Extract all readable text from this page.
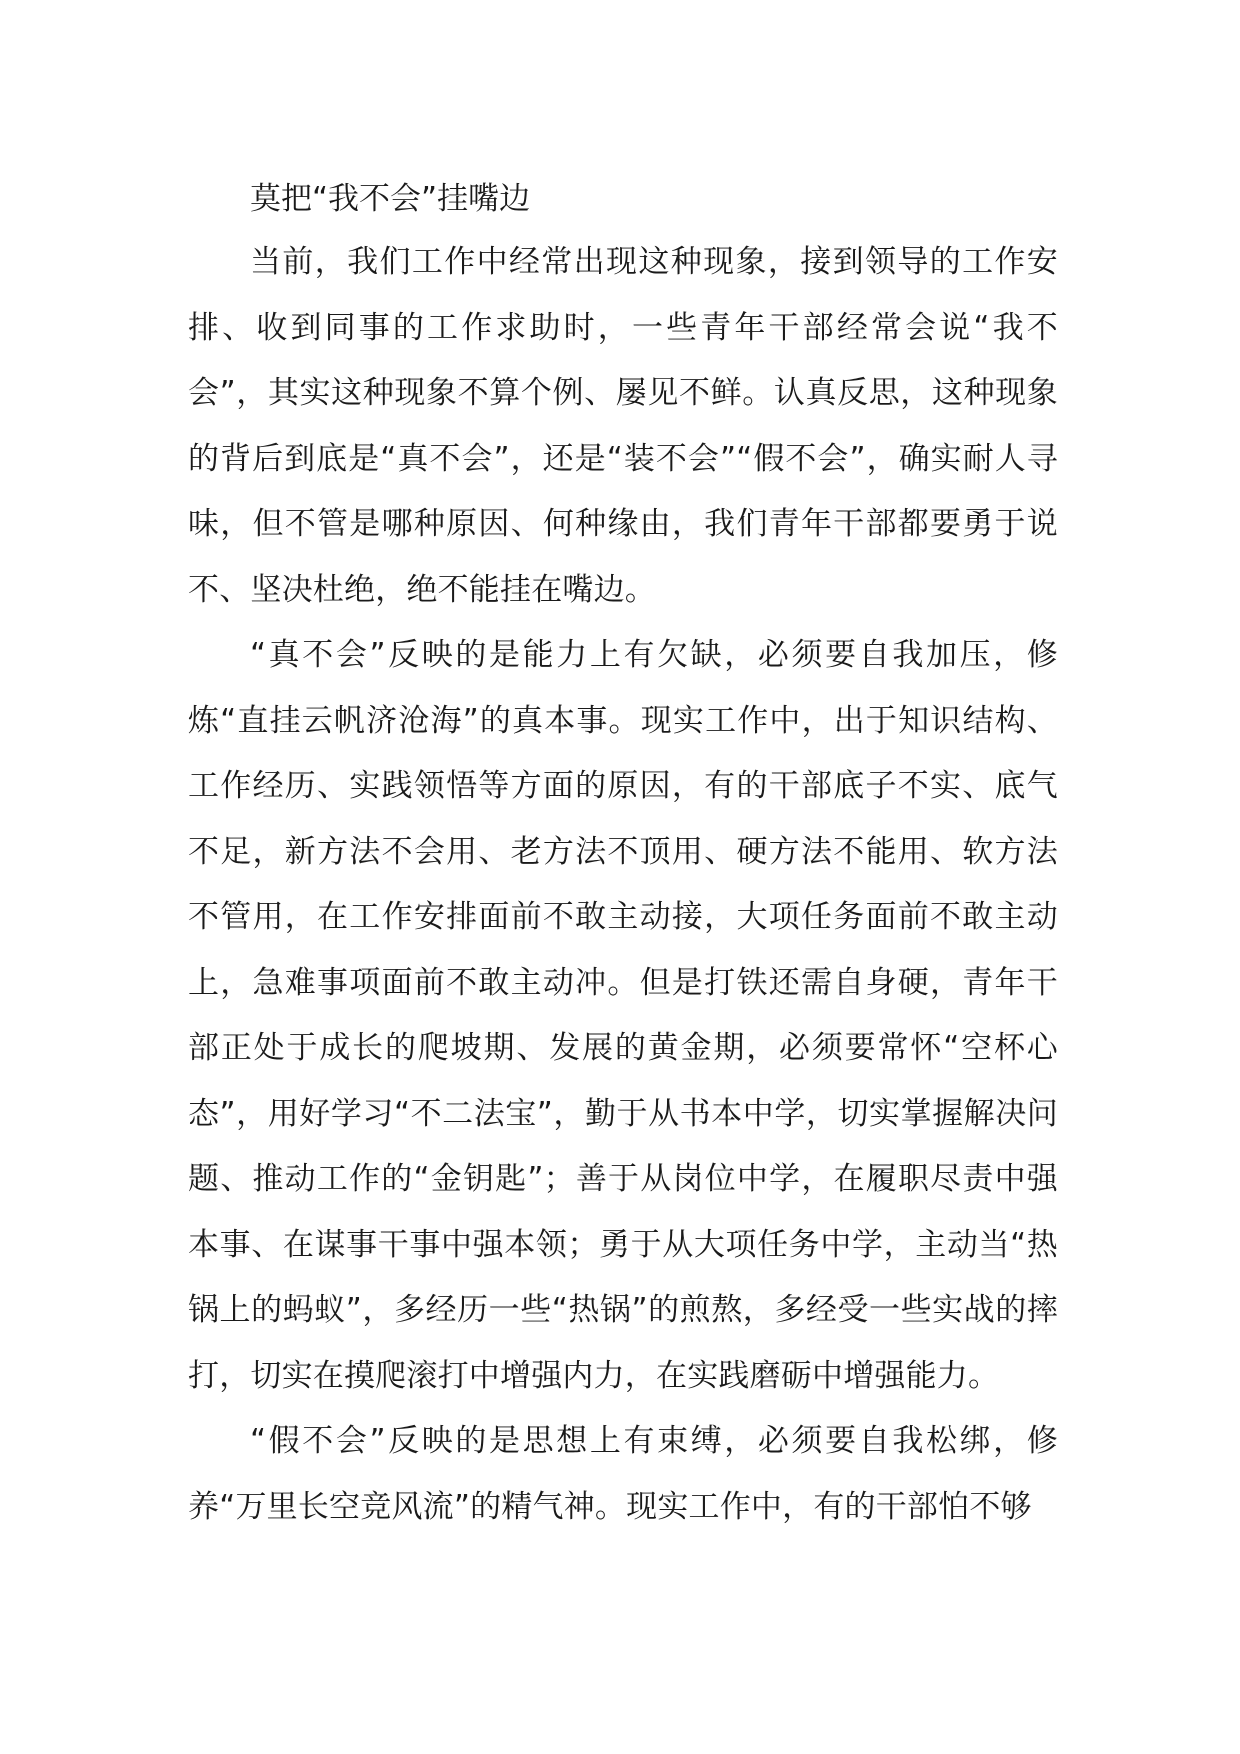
莫把“我不会”挂嘴边

当前，我们工作中经常出现这种现象，接到领导的工作安排、收到同事的工作求助时，一些青年干部经常会说“我不会”，其实这种现象不算个例、屡见不鲜。认真反思，这种现象的背后到底是“真不会”，还是“装不会”“假不会”，确实耐人寻味，但不管是哪种原因、何种缘由，我们青年干部都要勇于说不、坚决杜绝，绝不能挂在嘴边。

“真不会”反映的是能力上有欠缺，必须要自我加压，修炼“直挂云帆济沧海”的真本事。现实工作中，出于知识结构、工作经历、实践领悟等方面的原因，有的干部底子不实、底气不足，新方法不会用、老方法不顶用、硬方法不能用、软方法不管用，在工作安排面前不敢主动接，大项任务面前不敢主动上，急难事项面前不敢主动冲。但是打铁还需自身硬，青年干部正处于成长的爬坡期、发展的黄金期，必须要常怀“空杯心态”，用好学习“不二法宝”，勤于从书本中学，切实掌握解决问题、推动工作的“金钥匙”；善于从岗位中学，在履职尽责中强本事、在谋事干事中强本领；勇于从大项任务中学，主动当“热锅上的蚂蚁”，多经历一些“热锅”的煎熬，多经受一些实战的摔打，切实在摸爬滚打中增强内力，在实践磨砺中增强能力。

“假不会”反映的是思想上有束缚，必须要自我松绑，修养“万里长空竞风流”的精气神。现实工作中，有的干部怕不够
